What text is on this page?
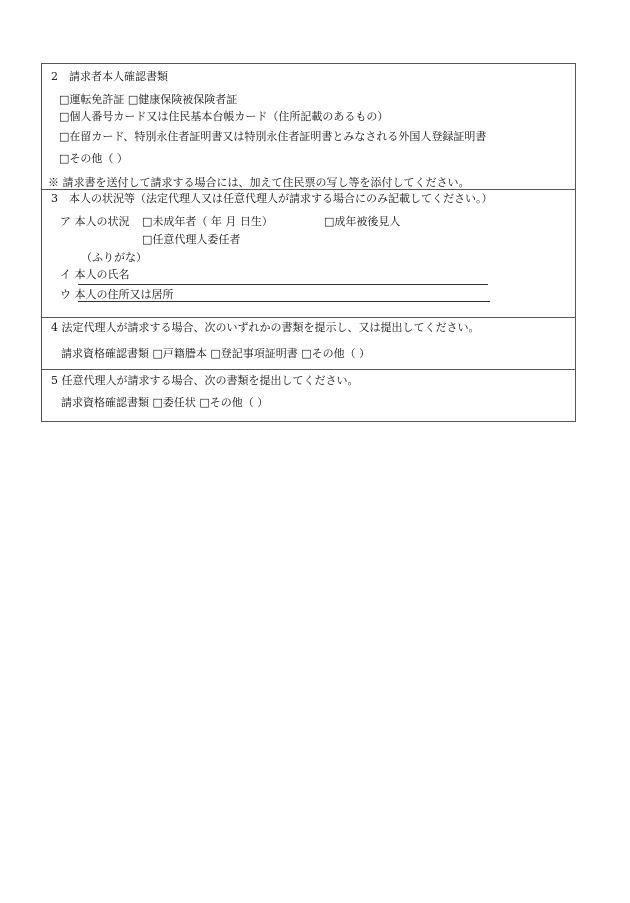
2　請求者本人確認書類
□運転免許証 □健康保険被保険者証
□個人番号カード又は住民基本台帳カード（住所記載のあるもの）
□在留カード、特別永住者証明書又は特別永住者証明書とみなされる外国人登録証明書
□その他（ ）
※ 請求書を送付して請求する場合には、加えて住民票の写し等を添付してください。
3　本人の状況等（法定代理人又は任意代理人が請求する場合にのみ記載してください。）
ア 本人の状況 □未成年者（ 年 月 日生）	□成年被後見人
□任意代理人委任者
（ふりがな）
イ 本人の氏名
ウ 本人の住所又は居所
4 法定代理人が請求する場合、次のいずれかの書類を提示し、又は提出してください。
請求資格確認書類 □戸籍謄本 □登記事項証明書 □その他（ ）
5 任意代理人が請求する場合、次の書類を提出してください。
請求資格確認書類 □委任状 □その他（ ）
